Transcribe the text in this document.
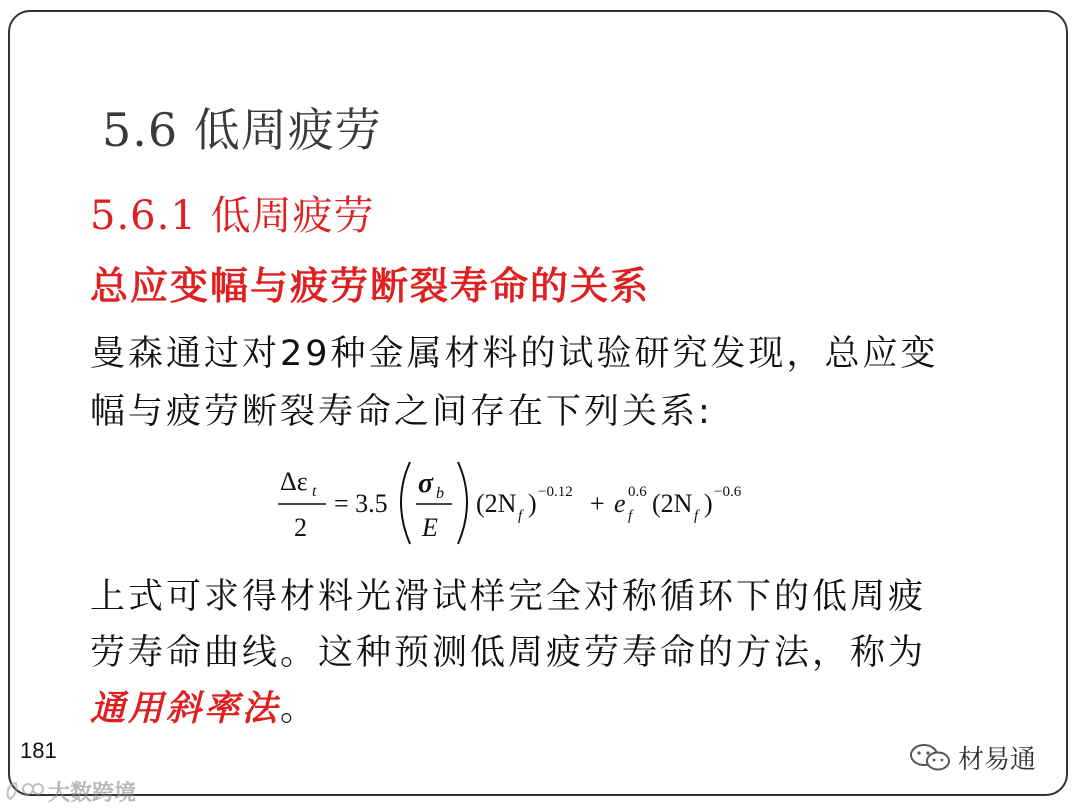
5.6 低周疲劳
5.6.1 低周疲劳
总应变幅与疲劳断裂寿命的关系
曼森通过对29种金属材料的试验研究发现，总应变
幅与疲劳断裂寿命之间存在下列关系:
Δε t
2
= 3.5
σ b
E
(2N f ) −0.12 + e f
0.6 (2N f ) −0.6
上式可求得材料光滑试样完全对称循环下的低周疲
劳寿命曲线。这种预测低周疲劳寿命的方法，称为
通用斜率法。
181	材易通
大数跨境
